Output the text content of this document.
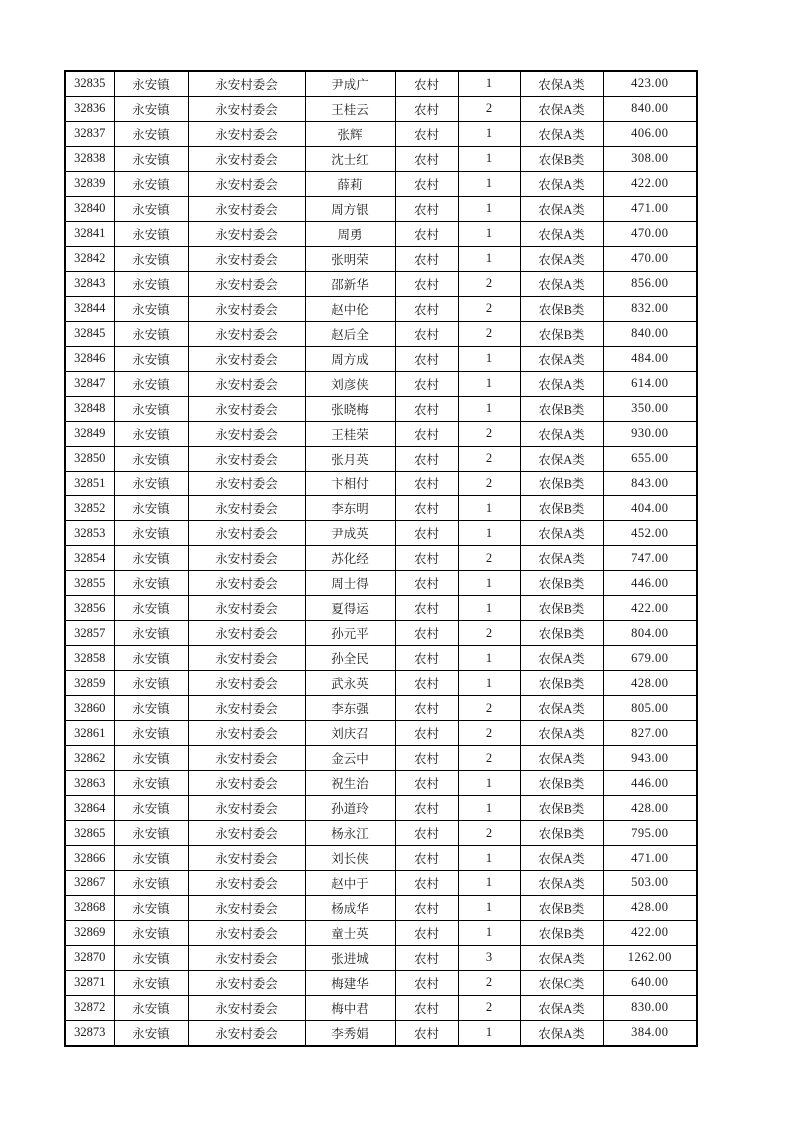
32835	永安镇	永安村委会	尹成广	农村	1	农保A类	423.00
32836	永安镇	永安村委会	王桂云	农村	2	农保A类	840.00
32837	永安镇	永安村委会	张辉	农村	1	农保A类	406.00
32838	永安镇	永安村委会	沈士红	农村	1	农保B类	308.00
32839	永安镇	永安村委会	薛莉	农村	1	农保A类	422.00
32840	永安镇	永安村委会	周方银	农村	1	农保A类	471.00
32841	永安镇	永安村委会	周勇	农村	1	农保A类	470.00
32842	永安镇	永安村委会	张明荣	农村	1	农保A类	470.00
32843	永安镇	永安村委会	邵新华	农村	2	农保A类	856.00
32844	永安镇	永安村委会	赵中伦	农村	2	农保B类	832.00
32845	永安镇	永安村委会	赵后全	农村	2	农保B类	840.00
32846	永安镇	永安村委会	周方成	农村	1	农保A类	484.00
32847	永安镇	永安村委会	刘彦侠	农村	1	农保A类	614.00
32848	永安镇	永安村委会	张晓梅	农村	1	农保B类	350.00
32849	永安镇	永安村委会	王桂荣	农村	2	农保A类	930.00
32850	永安镇	永安村委会	张月英	农村	2	农保A类	655.00
32851	永安镇	永安村委会	卞相付	农村	2	农保B类	843.00
32852	永安镇	永安村委会	李东明	农村	1	农保B类	404.00
32853	永安镇	永安村委会	尹成英	农村	1	农保A类	452.00
32854	永安镇	永安村委会	苏化经	农村	2	农保A类	747.00
32855	永安镇	永安村委会	周士得	农村	1	农保B类	446.00
32856	永安镇	永安村委会	夏得运	农村	1	农保B类	422.00
32857	永安镇	永安村委会	孙元平	农村	2	农保B类	804.00
32858	永安镇	永安村委会	孙全民	农村	1	农保A类	679.00
32859	永安镇	永安村委会	武永英	农村	1	农保B类	428.00
32860	永安镇	永安村委会	李东强	农村	2	农保A类	805.00
32861	永安镇	永安村委会	刘庆召	农村	2	农保A类	827.00
32862	永安镇	永安村委会	金云中	农村	2	农保A类	943.00
32863	永安镇	永安村委会	祝生治	农村	1	农保B类	446.00
32864	永安镇	永安村委会	孙道玲	农村	1	农保B类	428.00
32865	永安镇	永安村委会	杨永江	农村	2	农保B类	795.00
32866	永安镇	永安村委会	刘长侠	农村	1	农保A类	471.00
32867	永安镇	永安村委会	赵中于	农村	1	农保A类	503.00
32868	永安镇	永安村委会	杨成华	农村	1	农保B类	428.00
32869	永安镇	永安村委会	童士英	农村	1	农保B类	422.00
32870	永安镇	永安村委会	张进城	农村	3	农保A类	1262.00
32871	永安镇	永安村委会	梅建华	农村	2	农保C类	640.00
32872	永安镇	永安村委会	梅中君	农村	2	农保A类	830.00
32873	永安镇	永安村委会	李秀娟	农村	1	农保A类	384.00
